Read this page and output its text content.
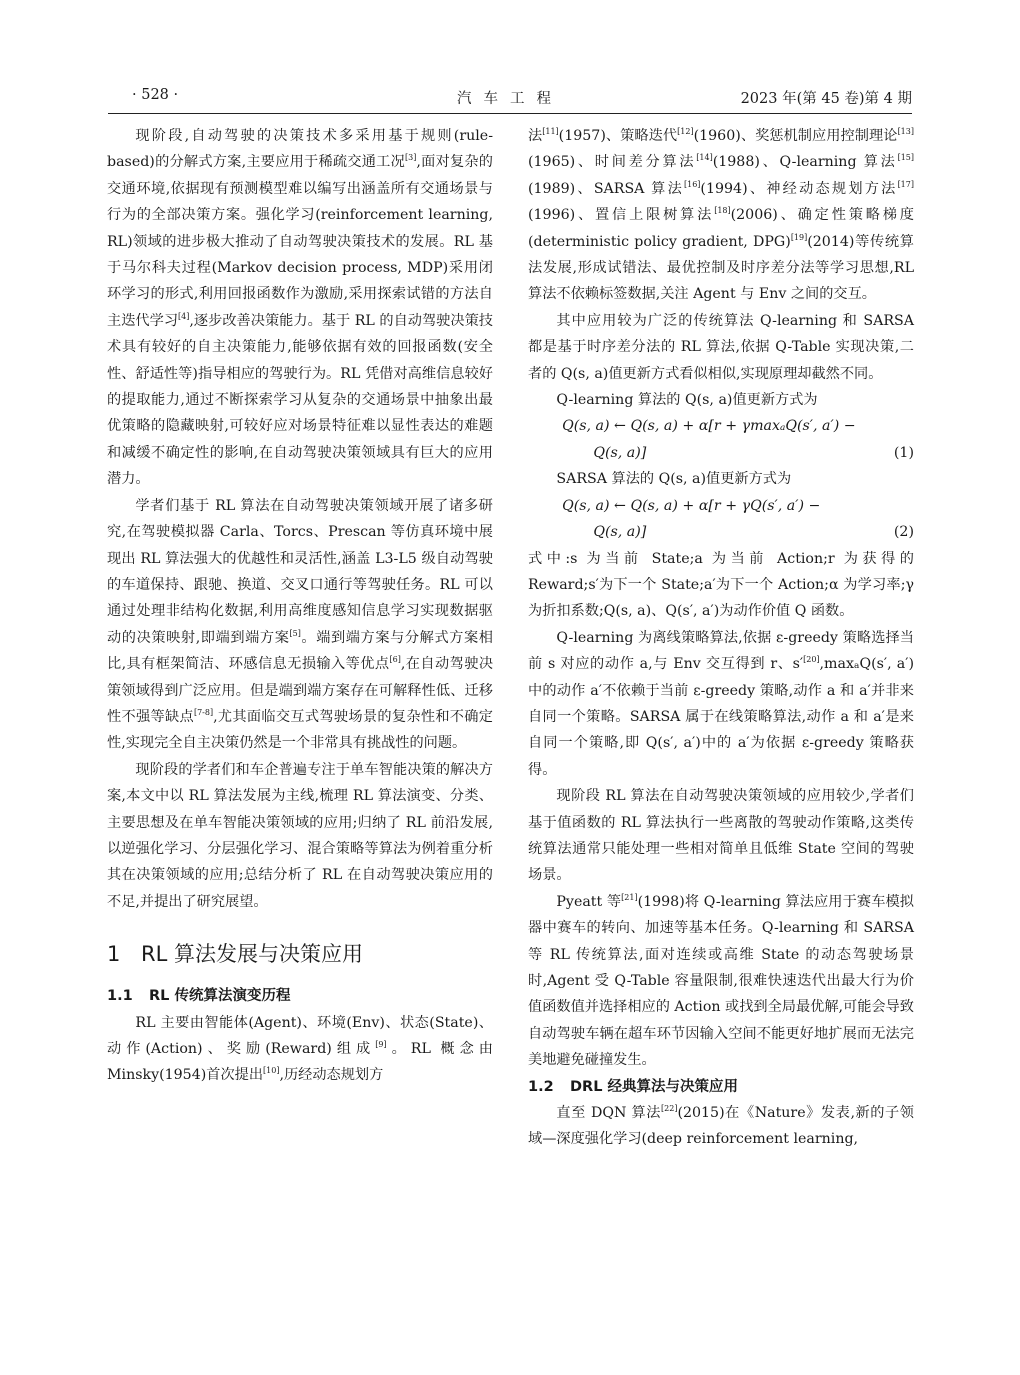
· 528 ·	汽车工程	2023 年(第 45 卷)第 4 期

现阶段,自动驾驶的决策技术多采用基于规则(rule-based)的分解式方案,主要应用于稀疏交通工况[3],面对复杂的交通环境,依据现有预测模型难以编写出涵盖所有交通场景与行为的全部决策方案。强化学习(reinforcement learning, RL)领域的进步极大推动了自动驾驶决策技术的发展。RL 基于马尔科夫过程(Markov decision process, MDP)采用闭环学习的形式,利用回报函数作为激励,采用探索试错的方法自主迭代学习[4],逐步改善决策能力。基于 RL 的自动驾驶决策技术具有较好的自主决策能力,能够依据有效的回报函数(安全性、舒适性等)指导相应的驾驶行为。RL 凭借对高维信息较好的提取能力,通过不断探索学习从复杂的交通场景中抽象出最优策略的隐藏映射,可较好应对场景特征难以显性表达的难题和减缓不确定性的影响,在自动驾驶决策领域具有巨大的应用潜力。

学者们基于 RL 算法在自动驾驶决策领域开展了诸多研究,在驾驶模拟器 Carla、Torcs、Prescan 等仿真环境中展现出 RL 算法强大的优越性和灵活性,涵盖 L3-L5 级自动驾驶的车道保持、跟驰、换道、交叉口通行等驾驶任务。RL 可以通过处理非结构化数据,利用高维度感知信息学习实现数据驱动的决策映射,即端到端方案[5]。端到端方案与分解式方案相比,具有框架简洁、环感信息无损输入等优点[6],在自动驾驶决策领域得到广泛应用。但是端到端方案存在可解释性低、迁移性不强等缺点[7-8],尤其面临交互式驾驶场景的复杂性和不确定性,实现完全自主决策仍然是一个非常具有挑战性的问题。

现阶段的学者们和车企普遍专注于单车智能决策的解决方案,本文中以 RL 算法发展为主线,梳理 RL 算法演变、分类、主要思想及在单车智能决策领域的应用;归纳了 RL 前沿发展,以逆强化学习、分层强化学习、混合策略等算法为例着重分析其在决策领域的应用;总结分析了 RL 在自动驾驶决策应用的不足,并提出了研究展望。

1 RL 算法发展与决策应用
1.1 RL 传统算法演变历程

RL 主要由智能体(Agent)、环境(Env)、状态(State)、动作(Action)、奖励(Reward)组成[9]。RL 概念由 Minsky(1954)首次提出[10],历经动态规划方

法[11](1957)、策略迭代[12](1960)、奖惩机制应用控制理论[13](1965)、时间差分算法[14](1988)、Q-learning 算法[15](1989)、SARSA 算法[16](1994)、神经动态规划方法[17](1996)、置信上限树算法[18](2006)、确定性策略梯度(deterministic policy gradient, DPG)[19](2014)等传统算法发展,形成试错法、最优控制及时序差分法等学习思想,RL 算法不依赖标签数据,关注 Agent 与 Env 之间的交互。

其中应用较为广泛的传统算法 Q-learning 和 SARSA 都是基于时序差分法的 RL 算法,依据 Q-Table 实现决策,二者的 Q(s, a)值更新方式看似相似,实现原理却截然不同。

Q-learning 算法的 Q(s, a)值更新方式为

Q(s, a) ← Q(s, a) + α[r + γmaxₐQ(s′, a′) −

Q(s, a)]	(1)

SARSA 算法的 Q(s, a)值更新方式为

Q(s, a) ← Q(s, a) + α[r + γQ(s′, a′) −

Q(s, a)]	(2)

式中:s 为当前 State;a 为当前 Action;r 为获得的 Reward;s′为下一个 State;a′为下一个 Action;α 为学习率;γ 为折扣系数;Q(s, a)、Q(s′, a′)为动作价值 Q 函数。

Q-learning 为离线策略算法,依据 ε-greedy 策略选择当前 s 对应的动作 a,与 Env 交互得到 r、s′[20],maxₐQ(s′, a′)中的动作 a′不依赖于当前 ε-greedy 策略,动作 a 和 a′并非来自同一个策略。SARSA 属于在线策略算法,动作 a 和 a′是来自同一个策略,即 Q(s′, a′)中的 a′为依据 ε-greedy 策略获得。

现阶段 RL 算法在自动驾驶决策领域的应用较少,学者们基于值函数的 RL 算法执行一些离散的驾驶动作策略,这类传统算法通常只能处理一些相对简单且低维 State 空间的驾驶场景。

Pyeatt 等[21](1998)将 Q-learning 算法应用于赛车模拟器中赛车的转向、加速等基本任务。Q-learning 和 SARSA 等 RL 传统算法,面对连续或高维 State 的动态驾驶场景时,Agent 受 Q-Table 容量限制,很难快速迭代出最大行为价值函数值并选择相应的 Action 或找到全局最优解,可能会导致自动驾驶车辆在超车环节因输入空间不能更好地扩展而无法完美地避免碰撞发生。

1.2 DRL 经典算法与决策应用

直至 DQN 算法[22](2015)在《Nature》发表,新的子领域—深度强化学习(deep reinforcement learning,
